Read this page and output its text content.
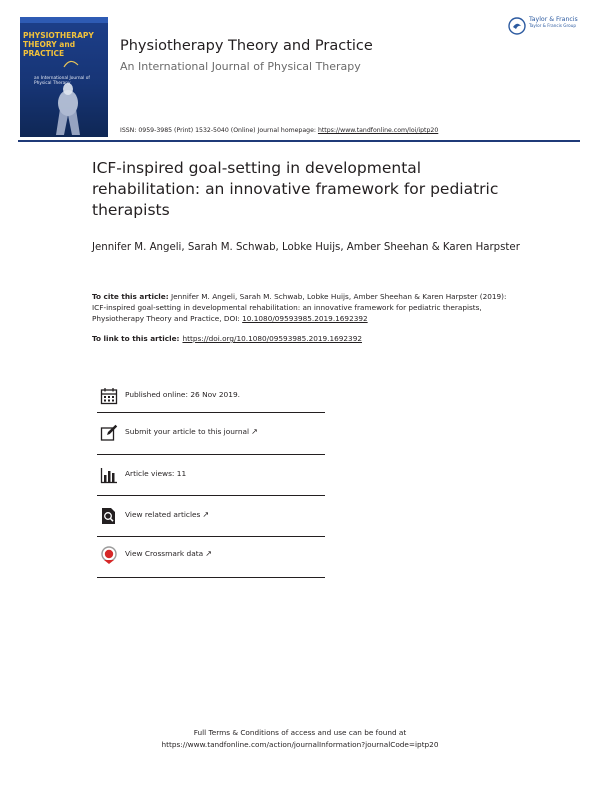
PHYSIOTHERAPY THEORY and PRACTICE
an International Journal of Physical Therapy
Physiotherapy Theory and Practice
An International Journal of Physical Therapy
ISSN: 0959-3985 (Print) 1532-5040 (Online) Journal homepage: https://www.tandfonline.com/loi/iptp20
Taylor & Francis
Taylor & Francis Group
ICF-inspired goal-setting in developmental rehabilitation: an innovative framework for pediatric therapists
Jennifer M. Angeli, Sarah M. Schwab, Lobke Huijs, Amber Sheehan & Karen Harpster
To cite this article: Jennifer M. Angeli, Sarah M. Schwab, Lobke Huijs, Amber Sheehan & Karen Harpster (2019): ICF-inspired goal-setting in developmental rehabilitation: an innovative framework for pediatric therapists, Physiotherapy Theory and Practice, DOI: 10.1080/09593985.2019.1692392
To link to this article: https://doi.org/10.1080/09593985.2019.1692392
Published online: 26 Nov 2019.
Submit your article to this journal ↗
Article views: 11
View related articles ↗
View Crossmark data ↗
Full Terms & Conditions of access and use can be found at
https://www.tandfonline.com/action/journalInformation?journalCode=iptp20
